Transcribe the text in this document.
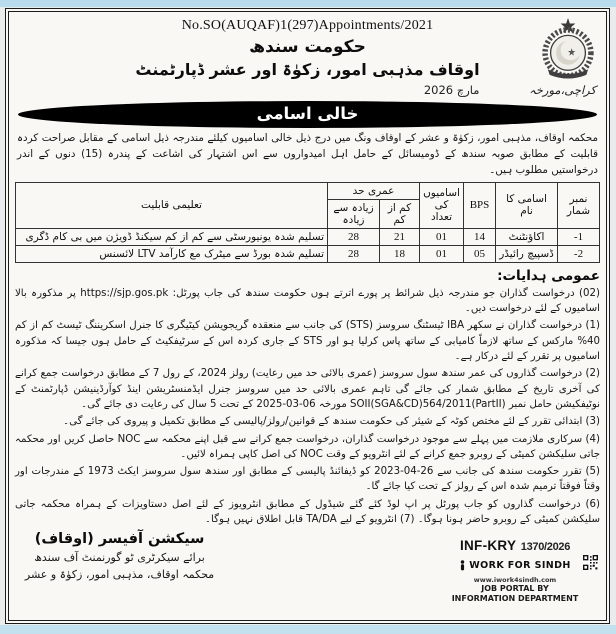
No.SO(AUQAF)1(297)Appointments/2021
حکومت سندھ
اوقاف مذہبی امور، زکوٰۃ اور عشر ڈپارٹمنٹ
کراچی،مورخہ مارچ 2026
خالی اسامی
محکمہ اوقاف، مذہبی امور، زکوٰۃ و عشر کے اوقاف ونگ میں درج ذیل خالی اسامیوں کیلئے مندرجہ ذیل اسامی کے مقابل صراحت کردہ قابلیت کے مطابق صوبہ سندھ کے ڈومیسائل کے حامل اہل امیدواروں سے اس اشتہار کی اشاعت کے پندرہ (15) دنوں کے اندر درخواستیں مطلوب ہیں۔
نمبر شمار	اسامی کا نام	BPS	اسامیوں کی تعداد	عمری حد		تعلیمی قابلیت
				کم از کم	زیادہ سے زیادہ	
-1	اکاؤنٹنٹ	14	01	21	28	تسلیم شدہ یونیورسٹی سے کم از کم سیکنڈ ڈویژن میں بی کام ڈگری
-2	ڈسپیچ رائیڈر	05	01	18	28	تسلیم شدہ بورڈ سے میٹرک مع کارآمد LTV لائسنس
عمومی ہدایات:

(02) درخواست گذاران جو مندرجہ ذیل شرائط پر پورے اترتے ہوں حکومت سندھ کی جاب پورٹل: https://sjp.gos.pk پر مذکورہ بالا اسامیوں کے لئے درخواست دیں۔

(1) درخواست گذاران نے سکھر IBA ٹیسٹنگ سروسز (STS) کی جانب سے منعقدہ گریجویشن کیٹیگری کا جنرل اسکریننگ ٹیسٹ کم از کم 40% مارکس کے ساتھ لازماً کامیابی کے ساتھ پاس کرلیا ہو اور STS کے جاری کردہ اس کے سرٹیفکیٹ کے حامل ہوں جیسا کہ مذکورہ اسامیوں پر تقرر کے لئے درکار ہے۔

(2) درخواست گذاروں کی عمر سندھ سول سروسز (عمری بالائی حد میں رعایت) رولز 2024، کے رول 7 کے مطابق درخواست جمع کرانے کی آخری تاریخ کے مطابق شمار کی جائے گی تاہم عمری بالائی حد میں سروسز جنرل ایڈمنسٹریشن اینڈ کوآرڈینیشن ڈپارٹمنٹ کے نوٹیفکیشن حامل نمبر SOII(SGA&CD)564/2011(PartII) مورخہ 06-03-2025 کے تحت 5 سال کی رعایت دی جائے گی۔

(3) ابتدائی تقرر کے لئے مختص کوٹہ کے شیئر کی حکومت سندھ کے قوانین/رولز/پالیسی کے مطابق تکمیل و پیروی کی جائے گی۔

(4) سرکاری ملازمت میں پہلے سے موجود درخواست گذاران، درخواست جمع کرانے سے قبل اپنے محکمہ سے NOC حاصل کریں اور محکمہ جاتی سلیکشن کمیٹی کے روبرو جمع کرانے کے لئے انٹرویو کے وقت NOC کی اصل کاپی ہمراہ لائیں۔

(5) تقرر حکومت سندھ کی جانب سے 26-04-2023 کو ڈیفائنڈ پالیسی کے مطابق اور سندھ سول سروسز ایکٹ 1973 کے مندرجات اور وقتاً فوقتاً ترمیم شدہ اس کے رولز کے تحت کیا جائے گا۔

(6) درخواست گذاروں کو جاب پورٹل پر اپ لوڈ کئے گئے شیڈول کے مطابق انٹرویوز کے لئے اصل دستاویزات کے ہمراہ محکمہ جاتی سلیکشن کمیٹی کے روبرو حاضر ہونا ہوگا۔ (7) انٹرویو کے لیے TA/DA قابل اطلاق نہیں ہوگا۔

سیکشن آفیسر (اوقاف)
برائے سیکرٹری ٹو گورنمنٹ آف سندھ
محکمہ اوقاف، مذہبی امور، زکوٰۃ و عشر
INF-KRY 1370/2026
WORK FOR SINDH
www.iwork4sindh.com
JOB PORTAL BY
INFORMATION DEPARTMENT
